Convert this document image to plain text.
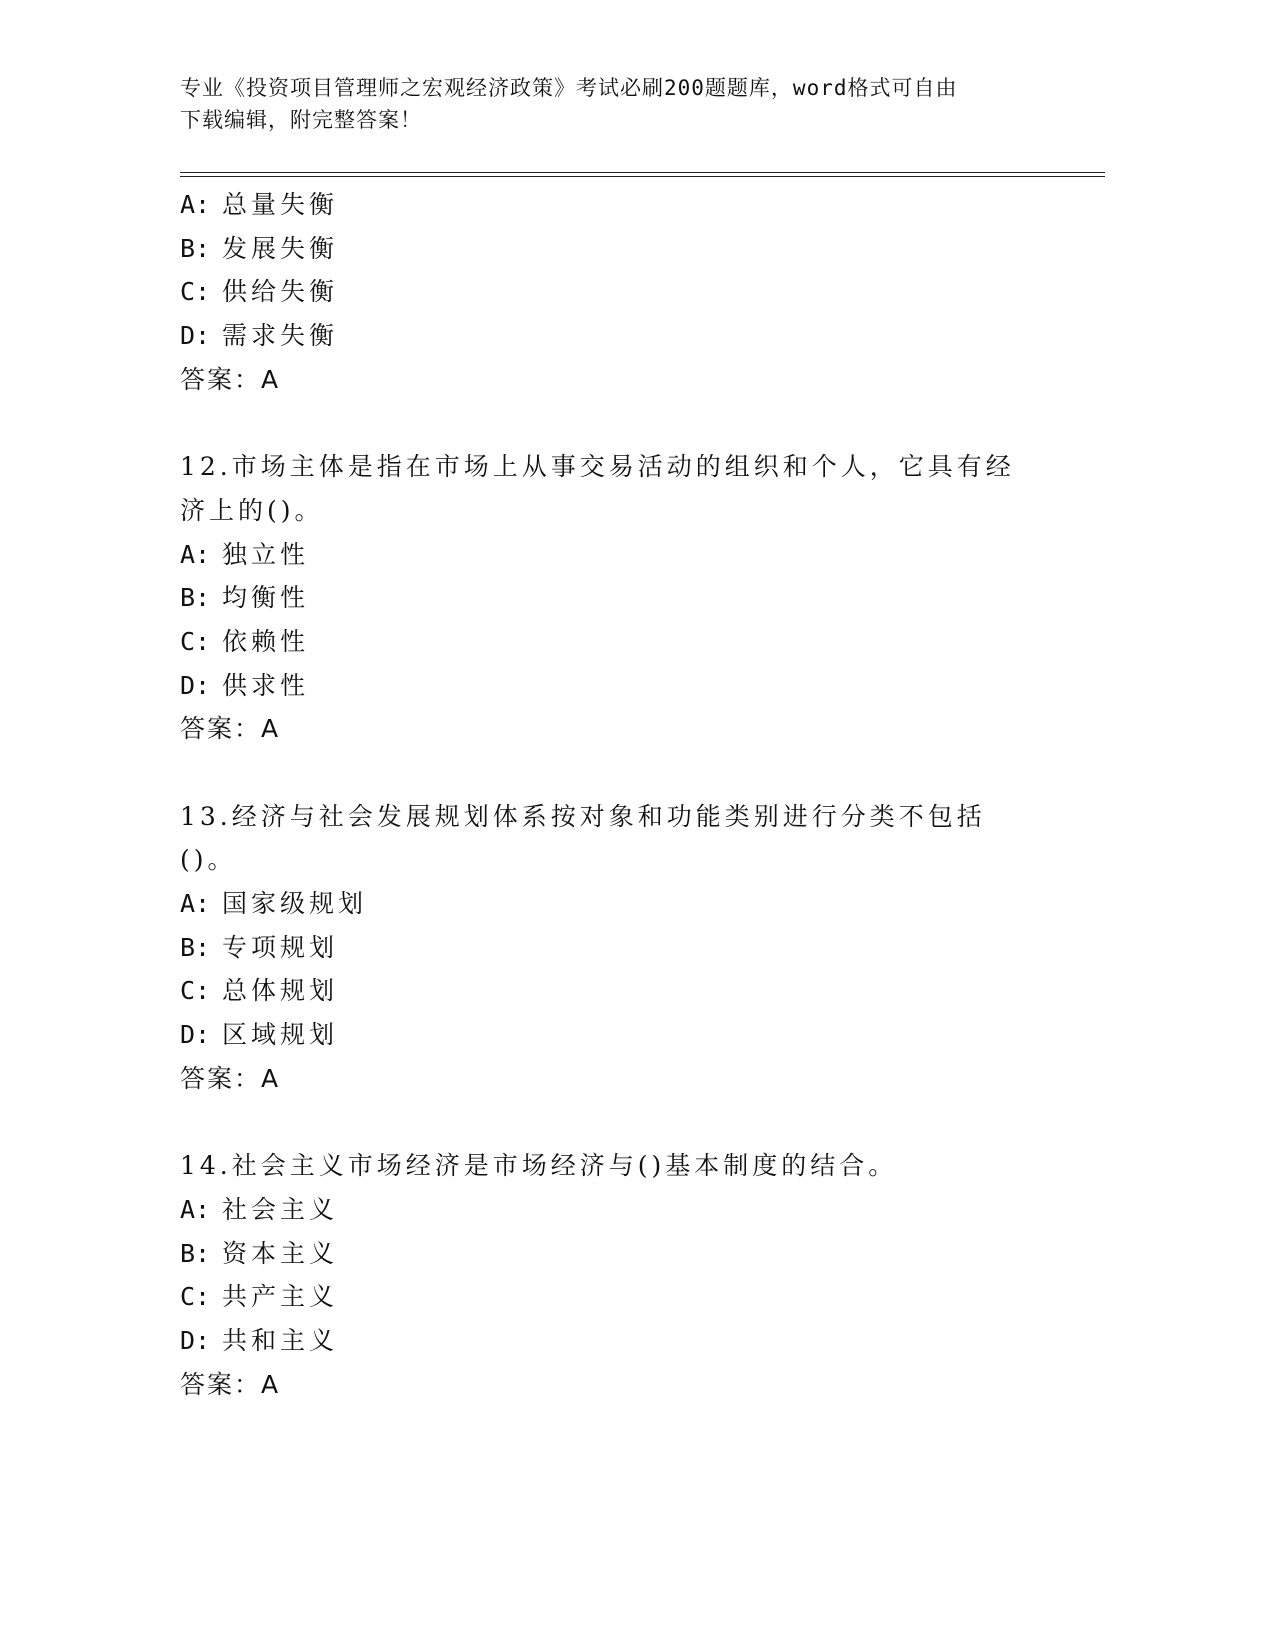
专业《投资项目管理师之宏观经济政策》考试必刷200题题库，word格式可自由
下载编辑，附完整答案！
A: 总量失衡
B: 发展失衡
C: 供给失衡
D: 需求失衡
答案：A
12.市场主体是指在市场上从事交易活动的组织和个人，它具有经济上的()。
A: 独立性
B: 均衡性
C: 依赖性
D: 供求性
答案：A
13.经济与社会发展规划体系按对象和功能类别进行分类不包括()。
A: 国家级规划
B: 专项规划
C: 总体规划
D: 区域规划
答案：A
14.社会主义市场经济是市场经济与()基本制度的结合。
A: 社会主义
B: 资本主义
C: 共产主义
D: 共和主义
答案：A
